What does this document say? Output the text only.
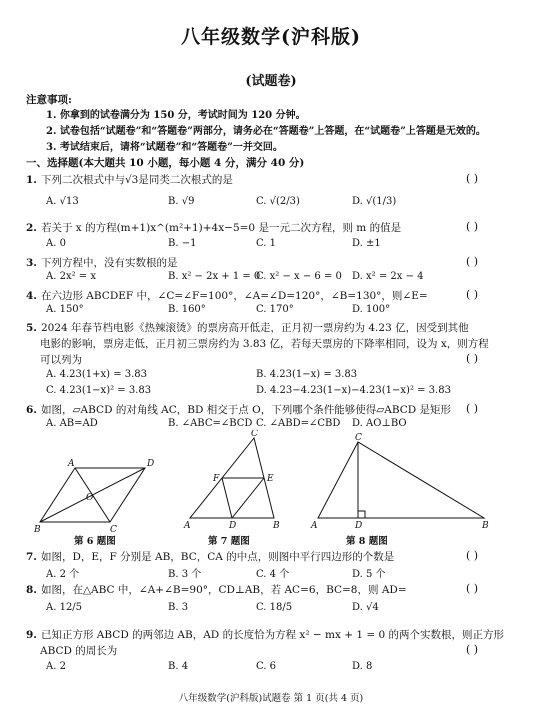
八年级数学(沪科版)
(试题卷)
注意事项:
1. 你拿到的试卷满分为 150 分，考试时间为 120 分钟。
2. 试卷包括“试题卷”和“答题卷”两部分，请务必在“答题卷”上答题，在“试题卷”上答题是无效的。
3. 考试结束后，请将“试题卷”和“答题卷”一并交回。
一、选择题(本大题共 10 小题，每小题 4 分，满分 40 分)
1. 下列二次根式中与√3是同类二次根式的是	( )
A. √13	B. √9	C. √(2/3)	D. √(1/3)
2. 若关于 x 的方程(m+1)x^(m²+1)+4x−5=0 是一元二次方程，则 m 的值是	( )
A. 0	B. −1	C. 1	D. ±1
3. 下列方程中，没有实数根的是	( )
A. 2x² = x	B. x² − 2x + 1 = 0
C. x² − x − 6 = 0 D. x² = 2x − 4
4. 在六边形 ABCDEF 中，∠C=∠F=100°，∠A=∠D=120°，∠B=130°，则∠E=	( )
A. 150°	B. 160°	C. 170°	D. 100°
5. 2024 年春节档电影《热辣滚烫》的票房高开低走，正月初一票房约为 4.23 亿，因受到其他
电影的影响，票房走低，正月初三票房约为 3.83 亿，若每天票房的下降率相同，设为 x，则方程
可以列为	( )
A. 4.23(1+x) = 3.83	B. 4.23(1−x) = 3.83
C. 4.23(1−x)² = 3.83	D. 4.23−4.23(1−x)−4.23(1−x)² = 3.83
6. 如图，▱ABCD 的对角线 AC，BD 相交于点 O，下列哪个条件能够使得▱ABCD 是矩形 ( )
A. AB=AD	B. ∠ABC=∠BCD C. ∠ABD=∠CBD D. AO⊥BO
A	D
O
B	C
C
F	E
A	D	B
C
A	D	B
第 6 题图	第 7 题图	第 8 题图
7. 如图，D，E，F 分别是 AB，BC，CA 的中点，则图中平行四边形的个数是	( )
A. 2 个	B. 3 个	C. 4 个	D. 5 个
8. 如图，在△ABC 中，∠A+∠B=90°，CD⊥AB，若 AC=6，BC=8，则 AD=	( )
A. 12/5	B. 3	C. 18/5	D. √4
9. 已知正方形 ABCD 的两邻边 AB，AD 的长度恰为方程 x² − mx + 1 = 0 的两个实数根，则正方形
ABCD 的周长为	( )
A. 2	B. 4	C. 6	D. 8
八年级数学(沪科版)试题卷 第 1 页(共 4 页)
